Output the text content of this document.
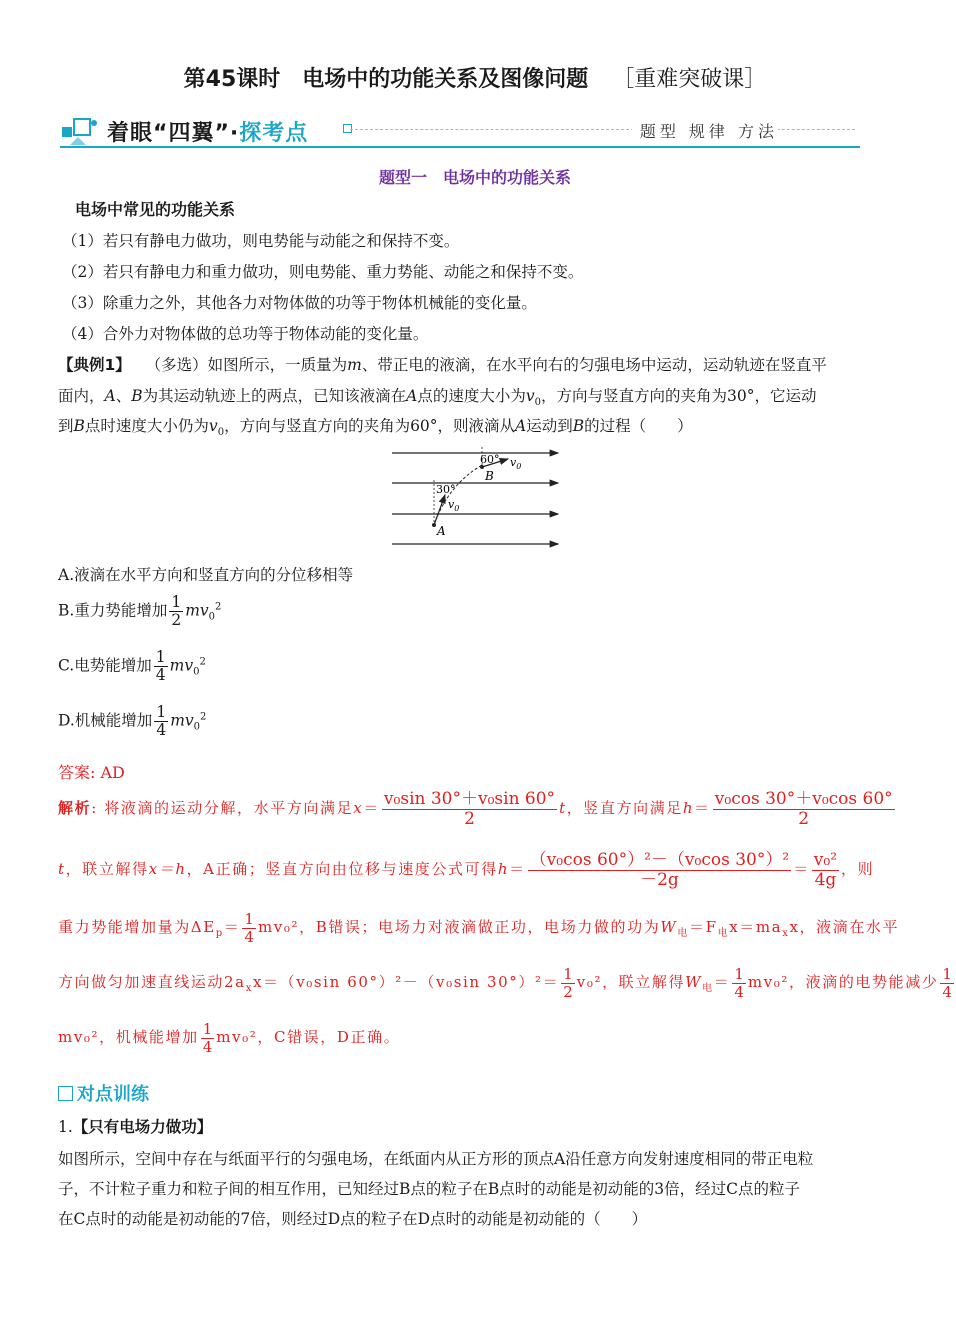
第45课时　电场中的功能关系及图像问题 ［重难突破课］
着眼“四翼”·探考点	题型 规律 方法
题型一　电场中的功能关系
电场中常见的功能关系
（1）若只有静电力做功，则电势能与动能之和保持不变。
（2）若只有静电力和重力做功，则电势能、重力势能、动能之和保持不变。
（3）除重力之外，其他各力对物体做的功等于物体机械能的变化量。
（4）合外力对物体做的总功等于物体动能的变化量。
【典例1】 （多选）如图所示，一质量为m、带正电的液滴，在水平向右的匀强电场中运动，运动轨迹在竖直平
面内，A、B为其运动轨迹上的两点，已知该液滴在A点的速度大小为$v_0$，方向与竖直方向的夹角为30°，它运动
到B点时速度大小仍为$v_0$，方向与竖直方向的夹角为60°，则液滴从A运动到B的过程（　　）
60°
30°
$v_0$
$v_0$
B
A
A.液滴在水平方向和竖直方向的分位移相等
B.重力势能增加 $\frac{1}{2} mv_0^2$
C.电势能增加 $\frac{1}{4} mv_0^2$
D.机械能增加 $\frac{1}{4} mv_0^2$
答案: AD
解析: 将液滴的运动分解，水平方向满足$x= \frac{\text{v₀sin 30°＋v₀sin 60°}}{2}$ t，竖直方向满足$h= \frac{\text{v₀cos 30°＋v₀cos 60°}}{2}$
t，联立解得x＝h，A正确；竖直方向由位移与速度公式可得$h= \frac{\text{（v₀cos 60°）²－（v₀cos 30°）²}}{-2g} = \frac{\text{v₀²}}{4g}$ ，则
重力势能增加量为$\Delta E_p= \frac{1}{4} mv_0^2$，B错误；电场力对液滴做正功，电场力做的功为$W_电=F_电x=ma_xx$，液滴在水平
方向做匀加速直线运动$2a_xx=(v_0\sin$ 60°）²－（v₀sin $30^\circ)^2= \frac{1}{2} v_0^2$，联立解得$W_电= \frac{1}{4} mv_0^2$，液滴的电势能减少 $\frac{1}{4}$
mv₀²，机械能增加 $\frac{1}{4} mv_0^2$，C错误，D正确。
对点训练
1.【只有电场力做功】
如图所示，空间中存在与纸面平行的匀强电场，在纸面内从正方形的顶点A沿任意方向发射速度相同的带正电粒
子，不计粒子重力和粒子间的相互作用，已知经过B点的粒子在B点时的动能是初动能的3倍，经过C点的粒子
在C点时的动能是初动能的7倍，则经过D点的粒子在D点时的动能是初动能的（　　）
